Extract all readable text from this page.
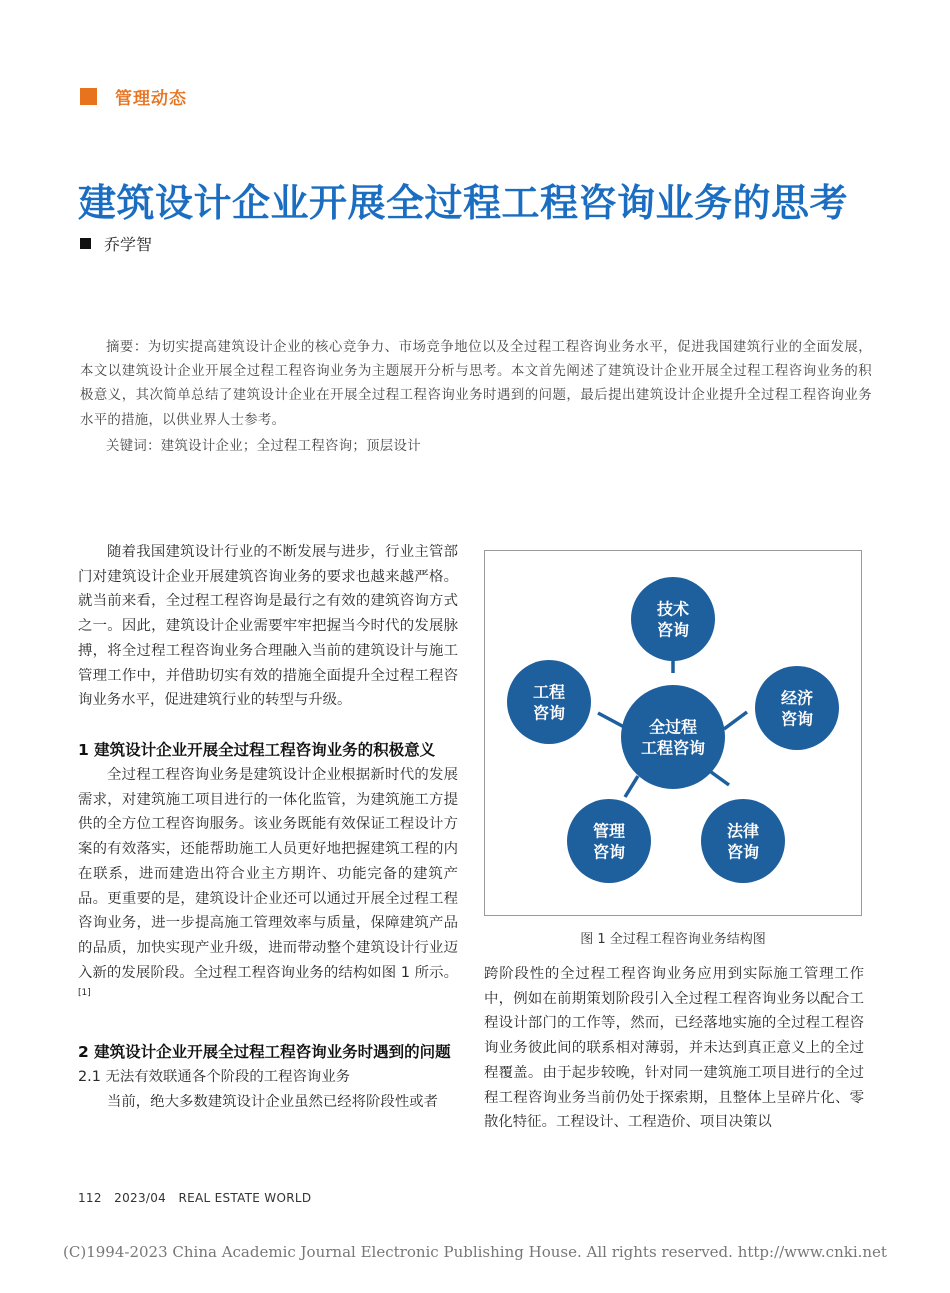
管理动态
建筑设计企业开展全过程工程咨询业务的思考
乔学智
摘要：为切实提高建筑设计企业的核心竞争力、市场竞争地位以及全过程工程咨询业务水平，促进我国建筑行业的全面发展，本文以建筑设计企业开展全过程工程咨询业务为主题展开分析与思考。本文首先阐述了建筑设计企业开展全过程工程咨询业务的积极意义，其次简单总结了建筑设计企业在开展全过程工程咨询业务时遇到的问题，最后提出建筑设计企业提升全过程工程咨询业务水平的措施，以供业界人士参考。
关键词：建筑设计企业；全过程工程咨询；顶层设计

随着我国建筑设计行业的不断发展与进步，行业主管部门对建筑设计企业开展建筑咨询业务的要求也越来越严格。就当前来看，全过程工程咨询是最行之有效的建筑咨询方式之一。因此，建筑设计企业需要牢牢把握当今时代的发展脉搏，将全过程工程咨询业务合理融入当前的建筑设计与施工管理工作中，并借助切实有效的措施全面提升全过程工程咨询业务水平，促进建筑行业的转型与升级。

1 建筑设计企业开展全过程工程咨询业务的积极意义

全过程工程咨询业务是建筑设计企业根据新时代的发展需求，对建筑施工项目进行的一体化监管，为建筑施工方提供的全方位工程咨询服务。该业务既能有效保证工程设计方案的有效落实，还能帮助施工人员更好地把握建筑工程的内在联系，进而建造出符合业主方期许、功能完备的建筑产品。更重要的是，建筑设计企业还可以通过开展全过程工程咨询业务，进一步提高施工管理效率与质量，保障建筑产品的品质，加快实现产业升级，进而带动整个建筑设计行业迈入新的发展阶段。全过程工程咨询业务的结构如图 1 所示。[1]

2 建筑设计企业开展全过程工程咨询业务时遇到的问题

2.1 无法有效联通各个阶段的工程咨询业务

当前，绝大多数建筑设计企业虽然已经将阶段性或者

技术
咨询
经济
咨询
法律
咨询
管理
咨询
工程
咨询
全过程
工程咨询
图 1 全过程工程咨询业务结构图

跨阶段性的全过程工程咨询业务应用到实际施工管理工作中，例如在前期策划阶段引入全过程工程咨询业务以配合工程设计部门的工作等，然而，已经落地实施的全过程工程咨询业务彼此间的联系相对薄弱，并未达到真正意义上的全过程覆盖。由于起步较晚，针对同一建筑施工项目进行的全过程工程咨询业务当前仍处于探索期，且整体上呈碎片化、零散化特征。工程设计、工程造价、项目决策以

112 2023/04 REAL ESTATE WORLD
(C)1994-2023 China Academic Journal Electronic Publishing House. All rights reserved. http://www.cnki.net
